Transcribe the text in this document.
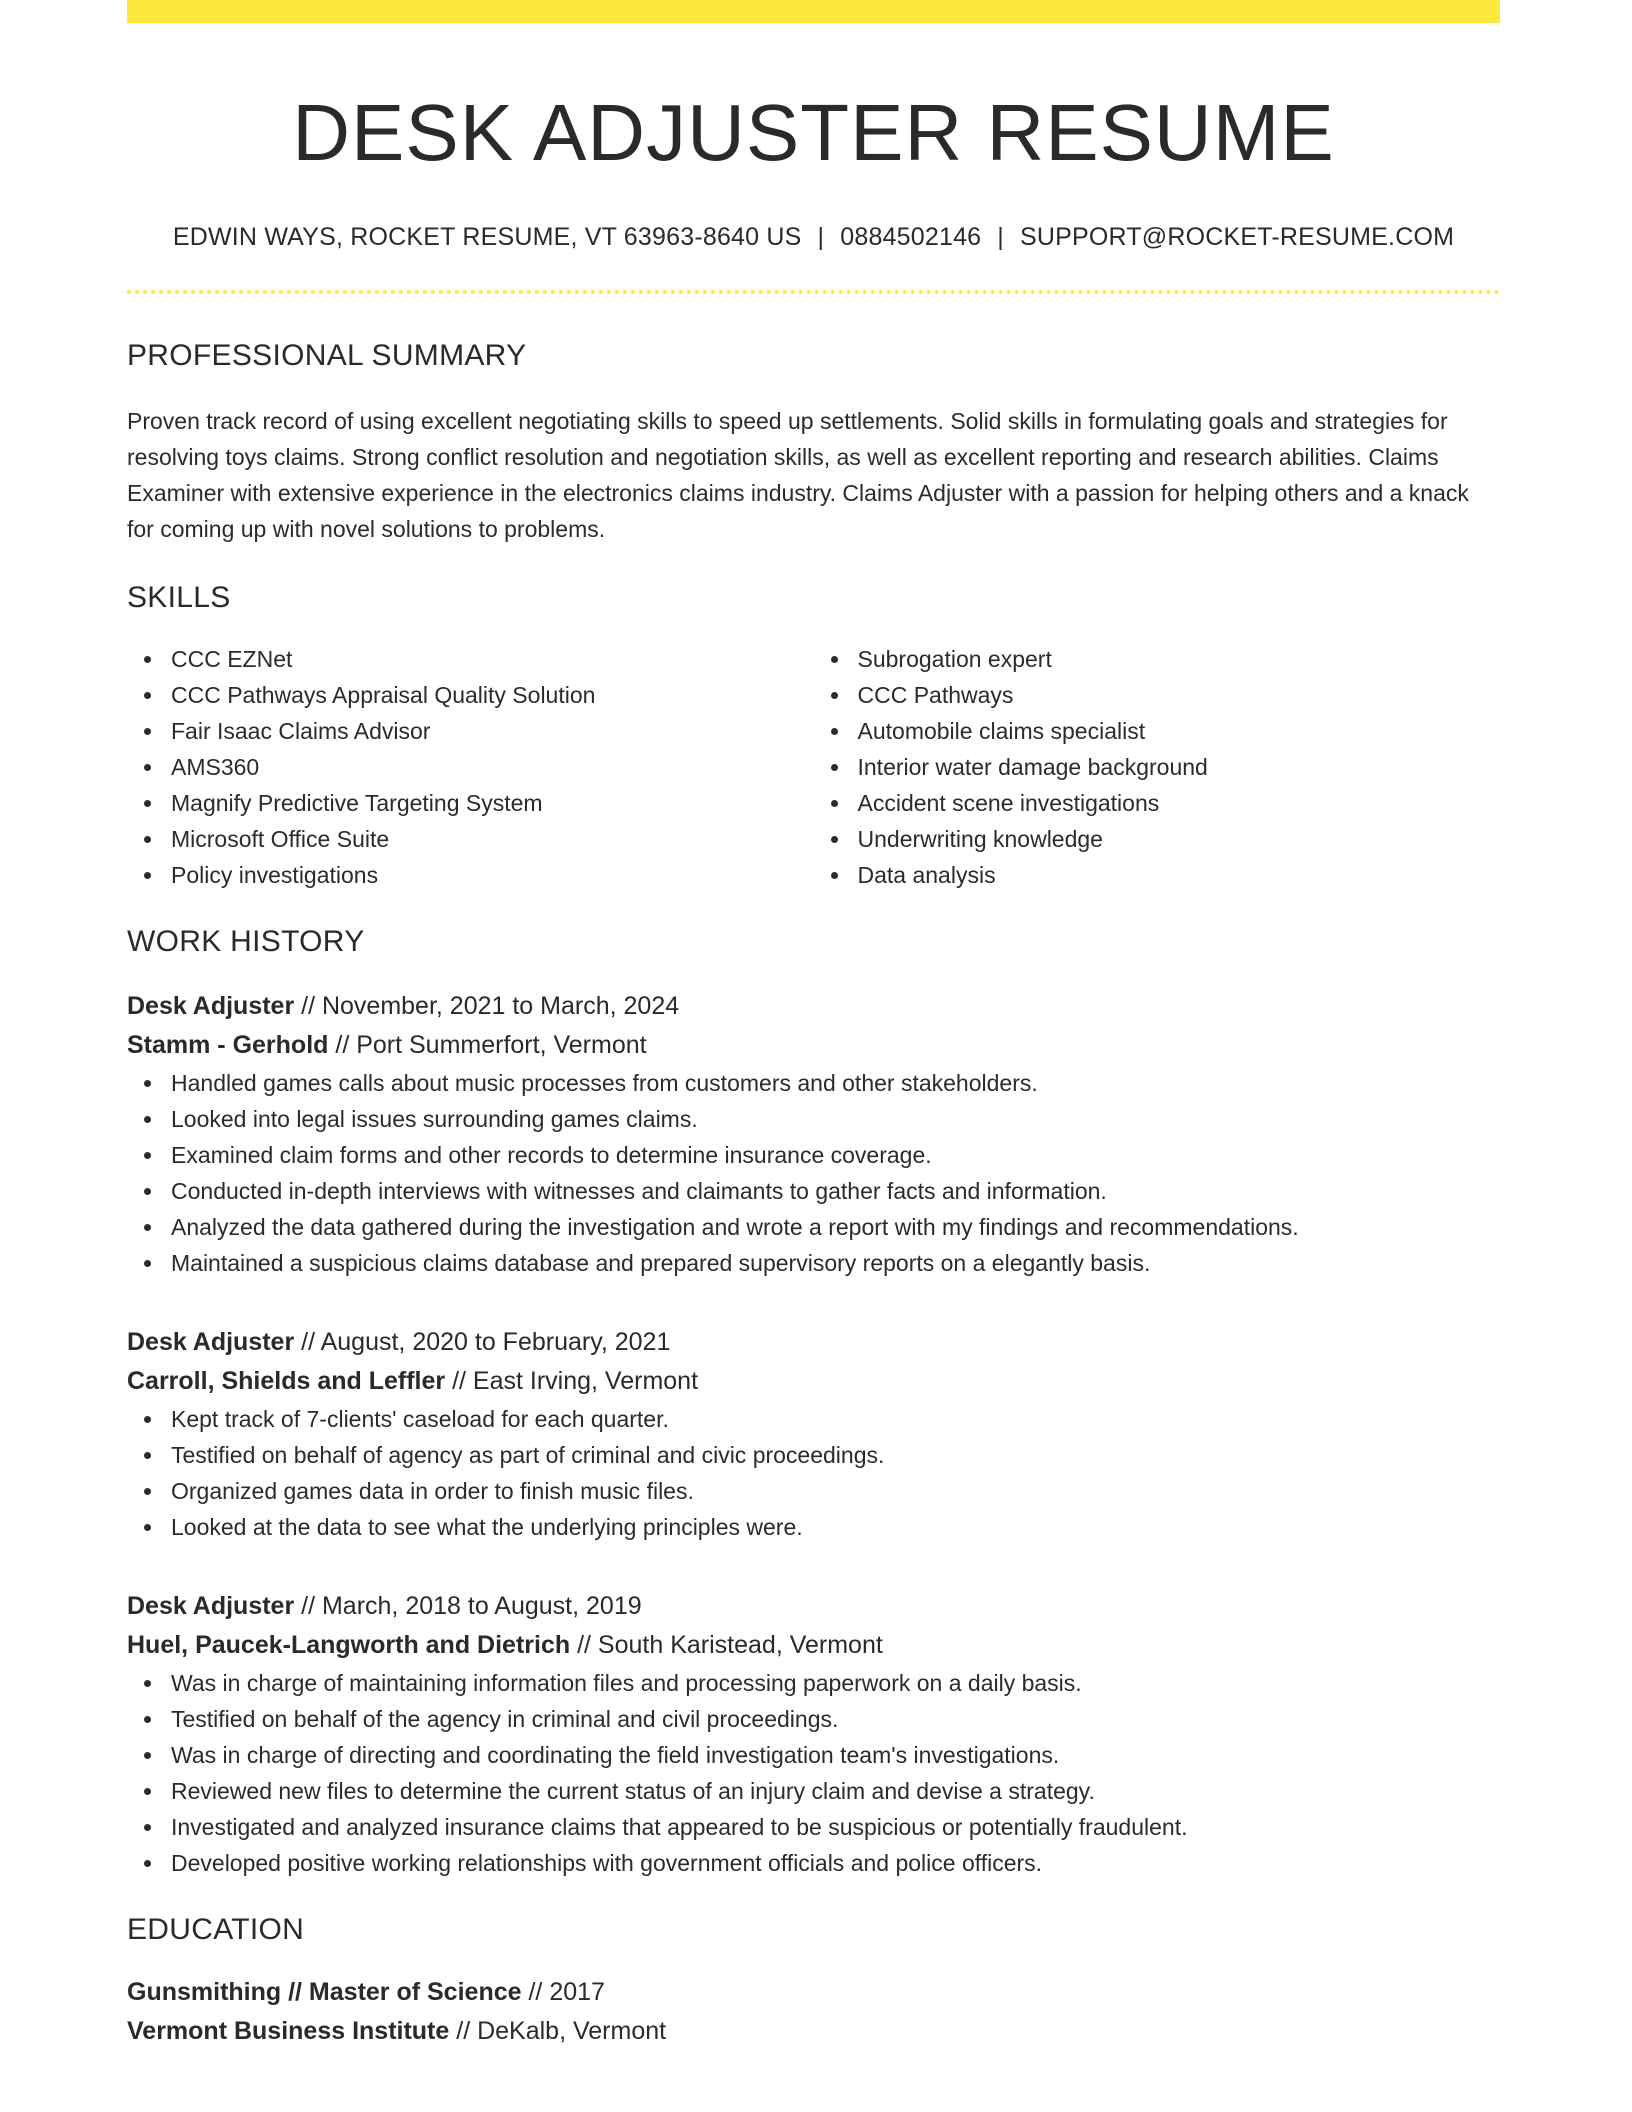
DESK ADJUSTER RESUME
EDWIN WAYS, ROCKET RESUME, VT 63963-8640 US | 0884502146 | SUPPORT@ROCKET-RESUME.COM
PROFESSIONAL SUMMARY

Proven track record of using excellent negotiating skills to speed up settlements. Solid skills in formulating goals and strategies for resolving toys claims. Strong conflict resolution and negotiation skills, as well as excellent reporting and research abilities. Claims Examiner with extensive experience in the electronics claims industry. Claims Adjuster with a passion for helping others and a knack for coming up with novel solutions to problems.

SKILLS
CCC EZNet
CCC Pathways Appraisal Quality Solution
Fair Isaac Claims Advisor
AMS360
Magnify Predictive Targeting System
Microsoft Office Suite
Policy investigations
Subrogation expert
CCC Pathways
Automobile claims specialist
Interior water damage background
Accident scene investigations
Underwriting knowledge
Data analysis
WORK HISTORY
Desk Adjuster // November, 2021 to March, 2024
Stamm - Gerhold // Port Summerfort, Vermont
Handled games calls about music processes from customers and other stakeholders.
Looked into legal issues surrounding games claims.
Examined claim forms and other records to determine insurance coverage.
Conducted in-depth interviews with witnesses and claimants to gather facts and information.
Analyzed the data gathered during the investigation and wrote a report with my findings and recommendations.
Maintained a suspicious claims database and prepared supervisory reports on a elegantly basis.
Desk Adjuster // August, 2020 to February, 2021
Carroll, Shields and Leffler // East Irving, Vermont
Kept track of 7-clients' caseload for each quarter.
Testified on behalf of agency as part of criminal and civic proceedings.
Organized games data in order to finish music files.
Looked at the data to see what the underlying principles were.
Desk Adjuster // March, 2018 to August, 2019
Huel, Paucek-Langworth and Dietrich // South Karistead, Vermont
Was in charge of maintaining information files and processing paperwork on a daily basis.
Testified on behalf of the agency in criminal and civil proceedings.
Was in charge of directing and coordinating the field investigation team's investigations.
Reviewed new files to determine the current status of an injury claim and devise a strategy.
Investigated and analyzed insurance claims that appeared to be suspicious or potentially fraudulent.
Developed positive working relationships with government officials and police officers.
EDUCATION
Gunsmithing // Master of Science // 2017
Vermont Business Institute // DeKalb, Vermont
